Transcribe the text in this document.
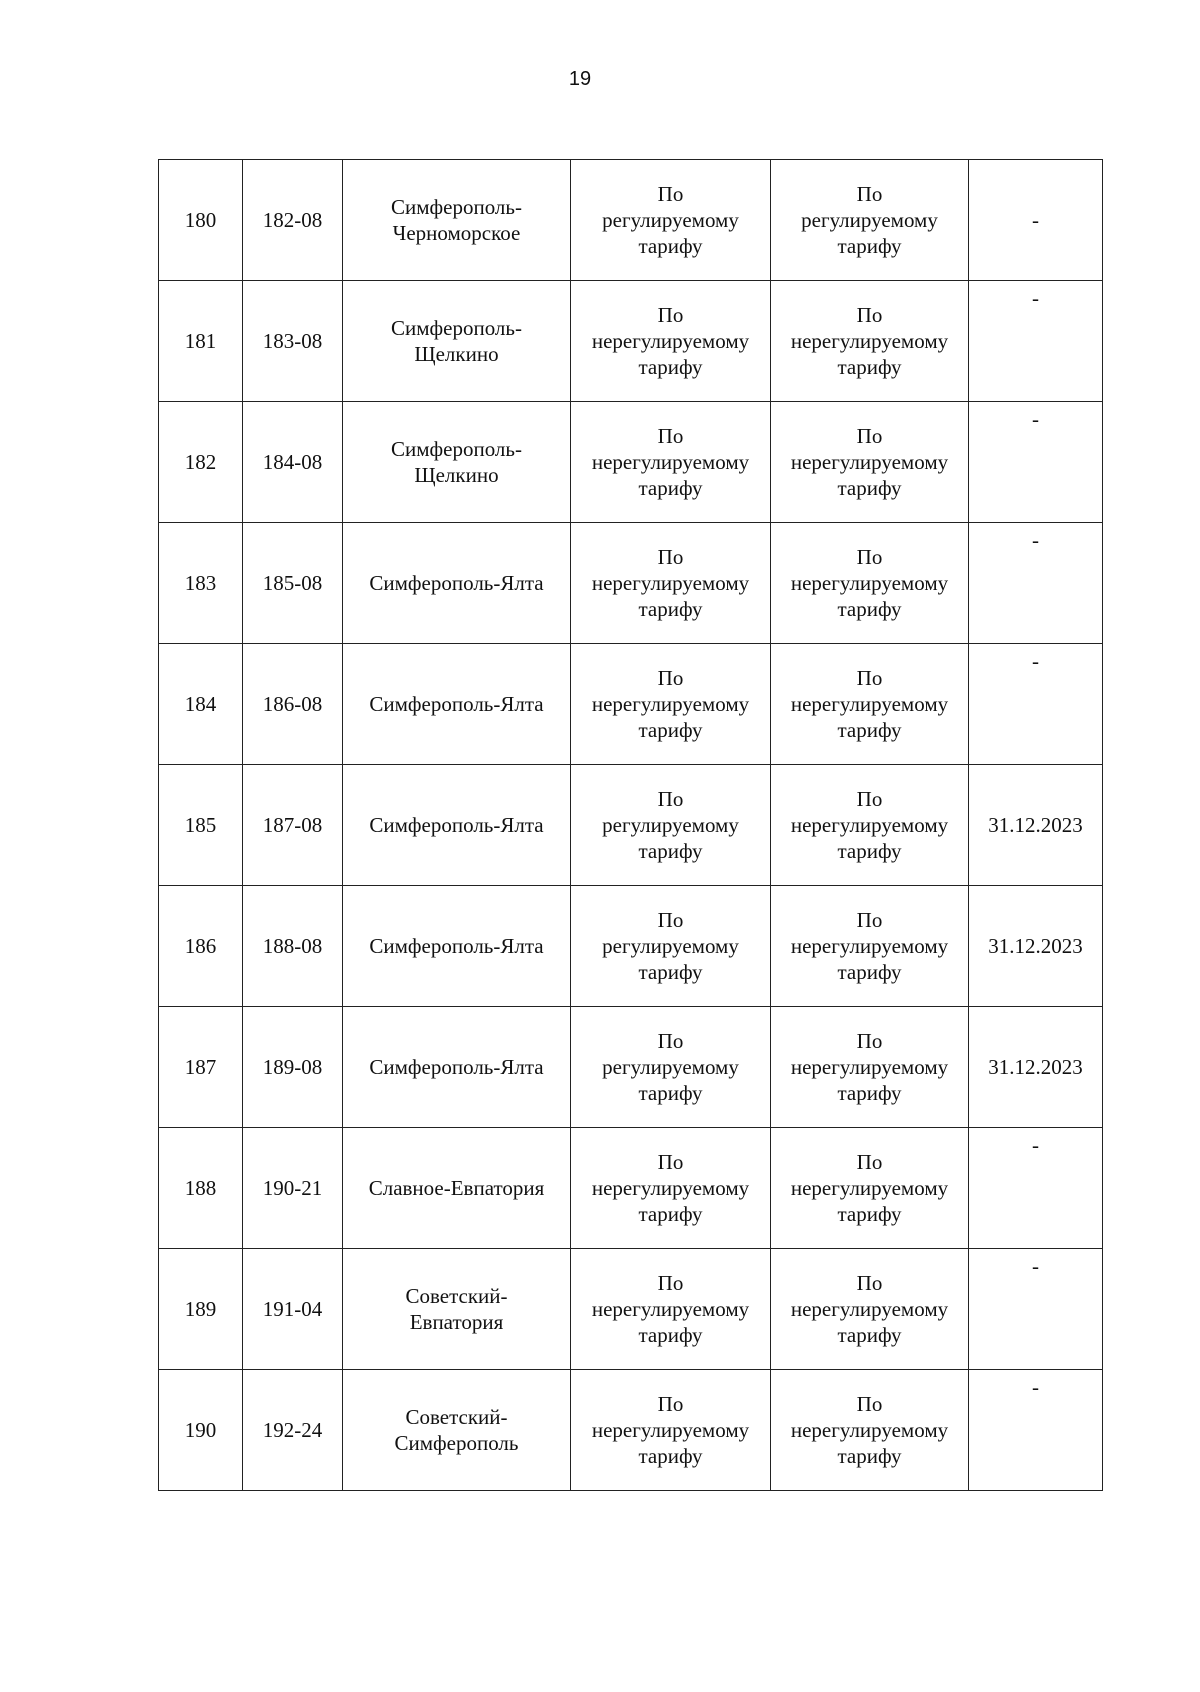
19
180	182-08	Симферополь-
Черноморское	По
регулируемому
тарифу	По
регулируемому
тарифу	-
181	183-08	Симферополь-
Щелкино	По
нерегулируемому
тарифу	По
нерегулируемому
тарифу	-

182	184-08	Симферополь-
Щелкино	По
нерегулируемому
тарифу	По
нерегулируемому
тарифу	-

183	185-08	Симферополь-Ялта	По
нерегулируемому
тарифу	По
нерегулируемому
тарифу	-

184	186-08	Симферополь-Ялта	По
нерегулируемому
тарифу	По
нерегулируемому
тарифу	-

185	187-08	Симферополь-Ялта	По
регулируемому
тарифу	По
нерегулируемому
тарифу	31.12.2023
186	188-08	Симферополь-Ялта	По
регулируемому
тарифу	По
нерегулируемому
тарифу	31.12.2023
187	189-08	Симферополь-Ялта	По
регулируемому
тарифу	По
нерегулируемому
тарифу	31.12.2023
188	190-21	Славное-Евпатория	По
нерегулируемому
тарифу	По
нерегулируемому
тарифу	-

189	191-04	Советский-
Евпатория	По
нерегулируемому
тарифу	По
нерегулируемому
тарифу	-

190	192-24	Советский-
Симферополь	По
нерегулируемому
тарифу	По
нерегулируемому
тарифу	-
